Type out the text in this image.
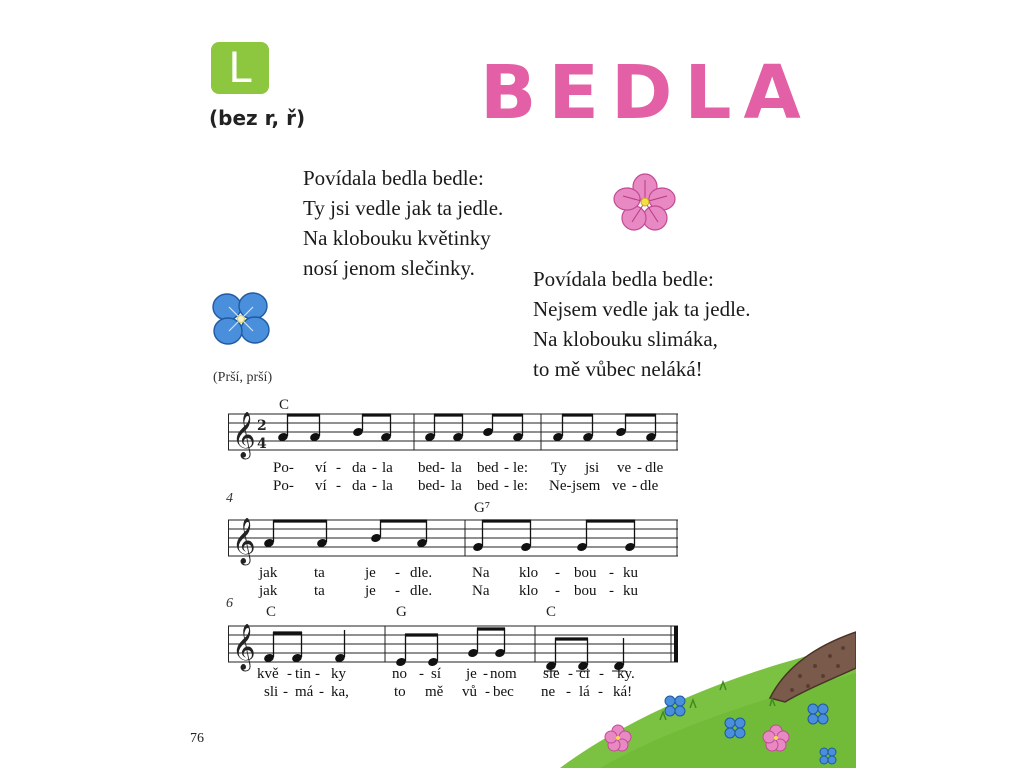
L
(bez r, ř) BEDLA
Povídala bedla bedle:
Ty jsi vedle jak ta jedle.
Na klobouku květinky
nosí jenom slečinky.	Povídala bedla bedle:
Nejsem vedle jak ta jedle.
Na klobouku slimáka,
to mě vůbec neláká!
(Prší, prší)
C
𝄞 2
4
Po- ví - da - la bed - la bed - le: Ty jsi ve - dle
Po- ví - da - la bed - la bed - le: Ne- jsem ve - dle
4
G⁷
𝄞
jak ta	je - dle.	Na klo - bou - ku
jak ta	je - dle.	Na klo - bou - ku
6
C	G	C
𝄞
kvě - tin - ky	no - sí je - nom sle - či - ky.
sli - má - ka,	to mě vů - bec ne - lá - ká!
76
